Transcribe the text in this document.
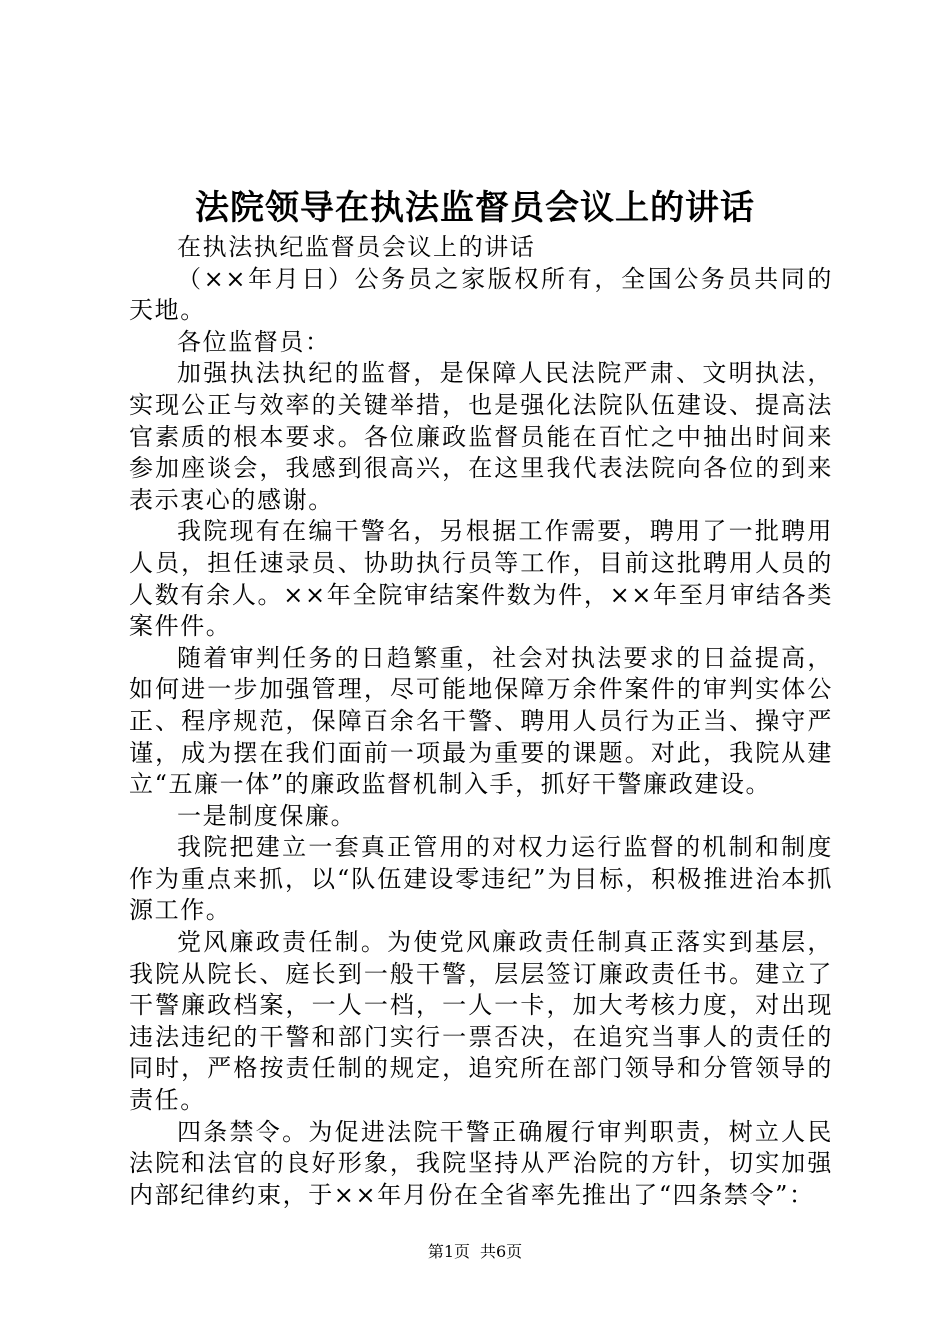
法院领导在执法监督员会议上的讲话

在执法执纪监督员会议上的讲话

（××年月日）公务员之家版权所有，全国公务员共同的天地。

各位监督员：

加强执法执纪的监督，是保障人民法院严肃、文明执法，实现公正与效率的关键举措，也是强化法院队伍建设、提高法官素质的根本要求。各位廉政监督员能在百忙之中抽出时间来参加座谈会，我感到很高兴，在这里我代表法院向各位的到来表示衷心的感谢。

我院现有在编干警名，另根据工作需要，聘用了一批聘用人员，担任速录员、协助执行员等工作，目前这批聘用人员的人数有余人。××年全院审结案件数为件，××年至月审结各类案件件。

随着审判任务的日趋繁重，社会对执法要求的日益提高，如何进一步加强管理，尽可能地保障万余件案件的审判实体公正、程序规范，保障百余名干警、聘用人员行为正当、操守严谨，成为摆在我们面前一项最为重要的课题。对此，我院从建立“五廉一体”的廉政监督机制入手，抓好干警廉政建设。

一是制度保廉。

我院把建立一套真正管用的对权力运行监督的机制和制度作为重点来抓，以“队伍建设零违纪”为目标，积极推进治本抓源工作。

党风廉政责任制。为使党风廉政责任制真正落实到基层，我院从院长、庭长到一般干警，层层签订廉政责任书。建立了干警廉政档案，一人一档，一人一卡，加大考核力度，对出现违法违纪的干警和部门实行一票否决，在追究当事人的责任的同时，严格按责任制的规定，追究所在部门领导和分管领导的责任。

四条禁令。为促进法院干警正确履行审判职责，树立人民法院和法官的良好形象，我院坚持从严治院的方针，切实加强内部纪律约束，于××年月份在全省率先推出了“四条禁令”：

第1页 共6页
